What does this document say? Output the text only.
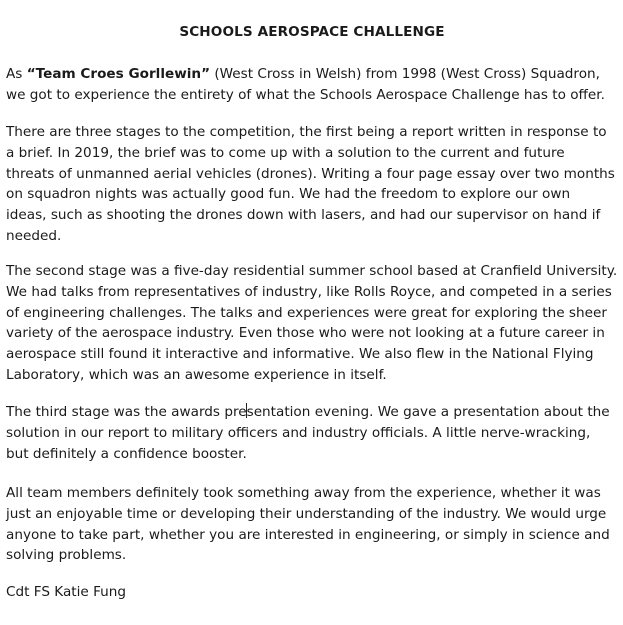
SCHOOLS AEROSPACE CHALLENGE

As “Team Croes Gorllewin” (West Cross in Welsh) from 1998 (West Cross) Squadron,
we got to experience the entirety of what the Schools Aerospace Challenge has to offer.

There are three stages to the competition, the first being a report written in response to
a brief. In 2019, the brief was to come up with a solution to the current and future
threats of unmanned aerial vehicles (drones). Writing a four page essay over two months
on squadron nights was actually good fun. We had the freedom to explore our own
ideas, such as shooting the drones down with lasers, and had our supervisor on hand if
needed.

The second stage was a five-day residential summer school based at Cranfield University.
We had talks from representatives of industry, like Rolls Royce, and competed in a series
of engineering challenges. The talks and experiences were great for exploring the sheer
variety of the aerospace industry. Even those who were not looking at a future career in
aerospace still found it interactive and informative. We also flew in the National Flying
Laboratory, which was an awesome experience in itself.

The third stage was the awards presentation evening. We gave a presentation about the
solution in our report to military officers and industry officials. A little nerve-wracking,
but definitely a confidence booster.

All team members definitely took something away from the experience, whether it was
just an enjoyable time or developing their understanding of the industry. We would urge
anyone to take part, whether you are interested in engineering, or simply in science and
solving problems.

Cdt FS Katie Fung
